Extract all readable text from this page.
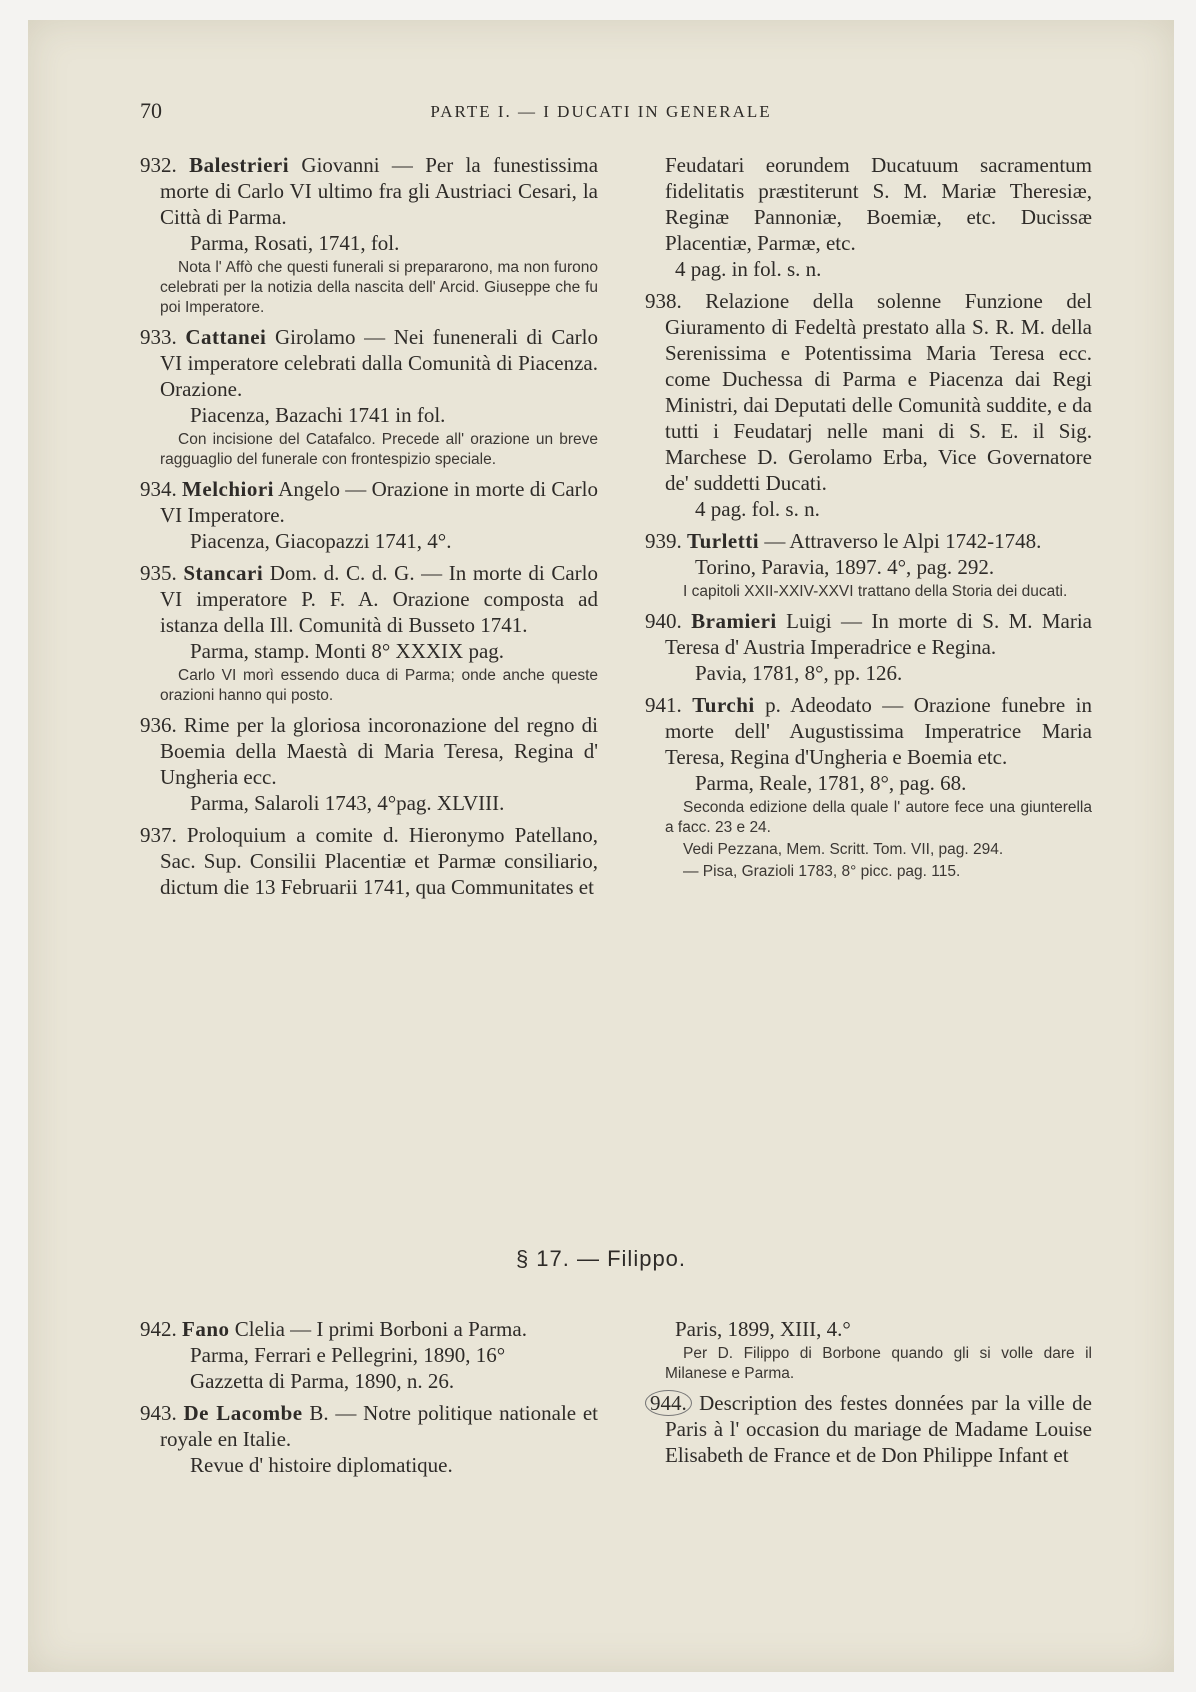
70	PARTE I. — I DUCATI IN GENERALE
932. Balestrieri Giovanni — Per la funestissima morte di Carlo VI ultimo fra gli Austriaci Cesari, la Città di Parma.
Parma, Rosati, 1741, fol.
Nota l' Affò che questi funerali si prepararono, ma non furono celebrati per la notizia della nascita dell' Arcid. Giuseppe che fu poi Imperatore.
933. Cattanei Girolamo — Nei funenerali di Carlo VI imperatore celebrati dalla Comunità di Piacenza. Orazione.
Piacenza, Bazachi 1741 in fol.
Con incisione del Catafalco. Precede all' orazione un breve ragguaglio del funerale con frontespizio speciale.
934. Melchiori Angelo — Orazione in morte di Carlo VI Imperatore.
Piacenza, Giacopazzi 1741, 4°.
935. Stancari Dom. d. C. d. G. — In morte di Carlo VI imperatore P. F. A. Orazione composta ad istanza della Ill. Comunità di Busseto 1741.
Parma, stamp. Monti 8° XXXIX pag.
Carlo VI morì essendo duca di Parma; onde anche queste orazioni hanno qui posto.
936. Rime per la gloriosa incoronazione del regno di Boemia della Maestà di Maria Teresa, Regina d' Ungheria ecc.
Parma, Salaroli 1743, 4°pag. XLVIII.
937. Proloquium a comite d. Hieronymo Patellano, Sac. Sup. Consilii Placentiæ et Parmæ consiliario, dictum die 13 Februarii 1741, qua Communitates et
Feudatari eorundem Ducatuum sacramentum fidelitatis præstiterunt S. M. Mariæ Theresiæ, Reginæ Pannoniæ, Boemiæ, etc. Ducissæ Placentiæ, Parmæ, etc.
4 pag. in fol. s. n.
938. Relazione della solenne Funzione del Giuramento di Fedeltà prestato alla S. R. M. della Serenissima e Potentissima Maria Teresa ecc. come Duchessa di Parma e Piacenza dai Regi Ministri, dai Deputati delle Comunità suddite, e da tutti i Feudatarj nelle mani di S. E. il Sig. Marchese D. Gerolamo Erba, Vice Governatore de' suddetti Ducati.
4 pag. fol. s. n.
939. Turletti — Attraverso le Alpi 1742-1748.
Torino, Paravia, 1897. 4°, pag. 292.
I capitoli XXII-XXIV-XXVI trattano della Storia dei ducati.
940. Bramieri Luigi — In morte di S. M. Maria Teresa d' Austria Imperadrice e Regina.
Pavia, 1781, 8°, pp. 126.
941. Turchi p. Adeodato — Orazione funebre in morte dell' Augustissima Imperatrice Maria Teresa, Regina d'Ungheria e Boemia etc.
Parma, Reale, 1781, 8°, pag. 68.
Seconda edizione della quale l' autore fece una giunterella a facc. 23 e 24.
Vedi Pezzana, Mem. Scritt. Tom. VII, pag. 294.
— Pisa, Grazioli 1783, 8° picc. pag. 115.
§ 17. — Filippo.
942. Fano Clelia — I primi Borboni a Parma.
Parma, Ferrari e Pellegrini, 1890, 16°
Gazzetta di Parma, 1890, n. 26.
943. De Lacombe B. — Notre politique nationale et royale en Italie.
Revue d' histoire diplomatique.
Paris, 1899, XIII, 4.°
Per D. Filippo di Borbone quando gli si volle dare il Milanese e Parma.
944. Description des festes données par la ville de Paris à l' occasion du mariage de Madame Louise Elisabeth de France et de Don Philippe Infant et
